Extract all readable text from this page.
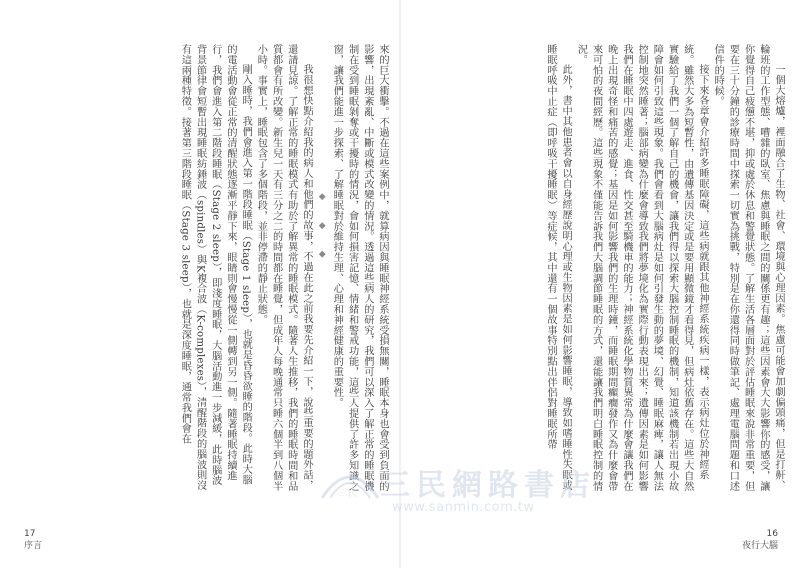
來的巨大衝擊。不過在這些案例中，就算病因與睡眠神經系統受損無關，睡眠本身也會受到負面的影響，出現紊亂、中斷或模式改變的情況。透過這些病人的研究，我們可以深入了解正常的睡眠機制在受到睡眠剝奪或干擾時的情況，會如何損害記憶、情緒和警戒功能，這些人提供了許多知識之窗，讓我們能進一步探索、了解睡眠對於維持生理、心理和神經健康的重要性。

◆ ◆ ◆

我很想快點介紹我的病人和他們的故事，不過在此之前我要先介紹一下，說些重要的題外話，還請見諒。了解正常的睡眠模式有助於了解異常的睡眠模式。隨著人生推移，我們的睡眠時間和品質都會有所改變。新生兒一天有三分之二的時間都在睡覺，但成年人每晚通常只睡六個半到八個半小時。事實上，睡眠包含了多個階段，並非停滯的靜止狀態。

剛入睡時，我們會進入第一階段睡眠（Stage 1 sleep），也就是昏昏欲睡的階段。此時大腦的電活動會從正常的清醒狀態逐漸平靜下來，眼睛則會慢慢從一側轉到另一側。隨著睡眠持續進行，我們會進入第二階段睡眠（Stage 2 sleep），即淺度睡眠，大腦活動進一步減緩，此時腦波背景節律會短暫出現睡眠紡錘波（spindles）與K複合波（K-complexes），清醒階段的腦波則沒有這兩種特徵。接著第三階段睡眠（Stage 3 sleep），也就是深度睡眠，通常我們會在

17
序言

一個大熔爐，裡面融合了生物、社會、環境與心理因素。焦慮可能會加劇偏頭痛，但是打鼾、輪班的工作型態、嘈雜的臥室、焦慮與睡眠之間的關係更有趣；這些因素會大大影響你的感受，讓你覺得自己疲憊不堪，抑或處於休息和警覺狀態。了解生活各層面對於評估睡眠來說非常重要，但要在三十分鐘的診療時間中探索一切實為挑戰，特別是在你還得同時做筆記、處理電腦問題和口述信件的時候。

接下來各章會介紹許多睡眠障礙，這些病就跟其他神經系統疾病一樣，表示病灶位於神經系統。雖然大多為短暫性，由遺傳基因決定或是要用顯微鏡才看得見，但病灶依舊存在。這些大自然實驗給了我們一個了解自己的機會，讓我們得以探索大腦控制睡眠的機制，知道該機制若出現小故障會如何引致這些現象。我們會看到大腦病灶是如何引發生動的夢境、幻覺、睡眠麻痺，讓人無法控制地突然睡著；腦部病變為什麼會導致我們將夢境化為實際行動表現出來；遺傳因素是如何影響我們在睡眠中四處遊走、進食、性交甚至騎機車的能力；神經系統化學物質異常為什麼會讓我們在晚上出現奇怪和痛苦的感覺；基因是如何影響我們的生理時鐘，而睡眠期間癲癇發作又為什麼會帶來可怕的夜間經歷。這些現象不僅能告訴我們大腦調節睡眠的方式，還能讓我們明白睡眠控制的情況。

此外，書中其他患者會以自身經歷說明心理或生物因素是如何影響睡眠，導致如嗜睡性失眠或睡眠呼吸中止症（即呼吸干擾睡眠）等症候，其中還有一個故事特別點出伴侶對睡眠所帶

16
夜行大腦
三 民 三民網路書店
www.sanmin.com.tw
